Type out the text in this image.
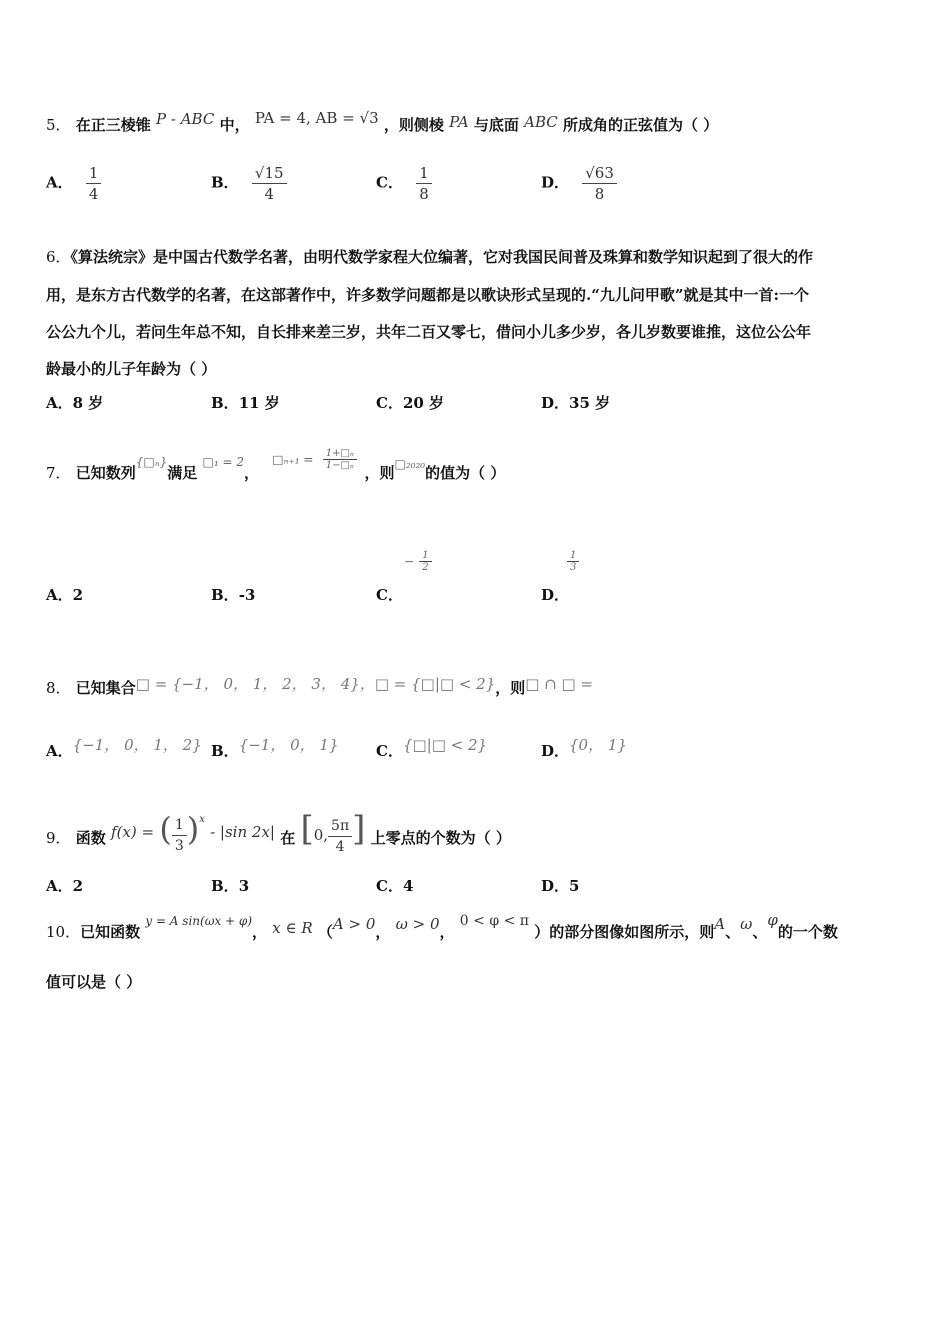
5． 在正三棱锥 P - ABC 中， PA = 4, AB = √3 ，则侧棱 PA 与底面 ABC 所成角的正弦值为（ ）
A． $\frac{1}{4}$	B． $\frac{√15}{4}$	C． $\frac{1}{8}$	D． $\frac{√63}{8}$
6．《算法统宗》是中国古代数学名著，由明代数学家程大位编著，它对我国民间普及珠算和数学知识起到了很大的作
用，是东方古代数学的名著，在这部著作中，许多数学问题都是以歌诀形式呈现的.“九儿问甲歌”就是其中一首:一个
公公九个儿，若问生年总不知，自长排来差三岁，共年二百又零七，借问小儿多少岁，各儿岁数要谁推，这位公公年
龄最小的儿子年龄为（ ）
A．8 岁	B．11 岁	C．20 岁	D．35 岁
7． 已知数列$^{\{□_n\}}$满足 $^{□_1 = 2}$，
□ₙ₊₁ = $\frac{\text{1+□ₙ}}{\text{1−□ₙ}}$
，则$^{□_{2020}}$的值为（ ）
A．2	B．-3	C．
− $\frac{1}{2}$
D．
$\frac{1}{3}$
8． 已知集合□ = {−1， 0， 1， 2， 3， 4}，□ = {□|□ < 2}，则□ ∩ □ =
A．{−1， 0， 1， 2} B．{−1， 0， 1} C．{□|□ < 2}	D．{0， 1}
9． 函数 f(x) = ( $\frac{1}{3} )^x - |\sin$ 2x| 在 [0, $\frac{5\pi}{4}$ ] 上零点的个数为（ ）
A．2	B．3	C．4	D．5
10．已知函数 $^{y = A sin(\omega x + \varphi)}$， x ∈ R （A > 0， ω > 0， 0 < φ < π ）的部分图像如图所示，则A、ω、φ的一个数
值可以是（ ）
